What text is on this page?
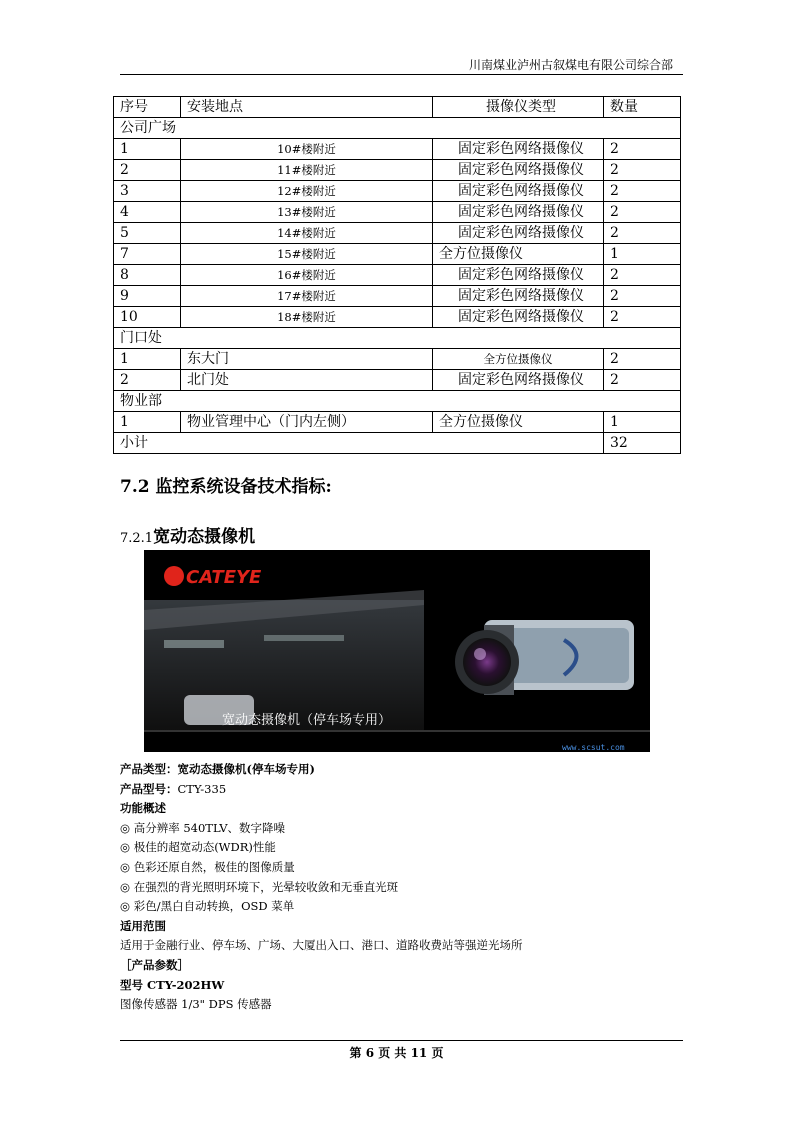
川南煤业泸州古叙煤电有限公司综合部
序号	安装地点	摄像仪类型	数量
公司广场			
1	10#楼附近	固定彩色网络摄像仪	2
2	11#楼附近	固定彩色网络摄像仪	2
3	12#楼附近	固定彩色网络摄像仪	2
4	13#楼附近	固定彩色网络摄像仪	2
5	14#楼附近	固定彩色网络摄像仪	2
7	15#楼附近	全方位摄像仪	1
8	16#楼附近	固定彩色网络摄像仪	2
9	17#楼附近	固定彩色网络摄像仪	2
10	18#楼附近	固定彩色网络摄像仪	2
门口处			
1	东大门	全方位摄像仪	2
2	北门处	固定彩色网络摄像仪	2
物业部			
1	物业管理中心（门内左侧）	全方位摄像仪	1
小计			32
7.2 监控系统设备技术指标:
7.2.1宽动态摄像机
CATEYE
宽动态摄像机（停车场专用）
www.scsut.com
产品类型：宽动态摄像机(停车场专用)
产品型号：CTY-335
功能概述
◎ 高分辨率 540TLV、数字降噪
◎ 极佳的超宽动态(WDR)性能
◎ 色彩还原自然，极佳的图像质量
◎ 在强烈的背光照明环境下，光晕较收敛和无垂直光斑
◎ 彩色/黑白自动转换，OSD 菜单
适用范围
适用于金融行业、停车场、广场、大厦出入口、港口、道路收费站等强逆光场所
［产品参数］
型号 CTY-202HW
图像传感器 1/3" DPS 传感器
第 6 页 共 11 页
